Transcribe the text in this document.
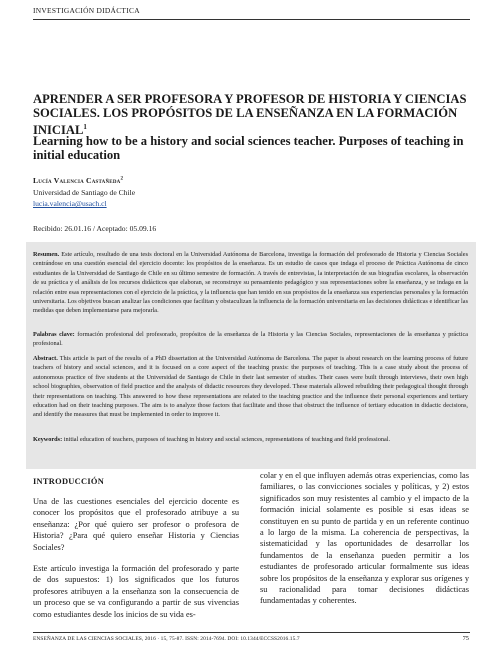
INVESTIGACIÓN DIDÁCTICA
APRENDER A SER PROFESORA Y PROFESOR DE HISTORIA Y CIENCIAS SOCIALES. LOS PROPÓSITOS DE LA ENSEÑANZA EN LA FORMACIÓN INICIAL$^1$
Learning how to be a history and social sciences teacher. Purposes of teaching in initial education
Lucía Valencia Castañeda$^2$
Universidad de Santiago de Chile
lucia.valencia@usach.cl
Recibido: 26.01.16 / Aceptado: 05.09.16
Resumen. Este artículo, resultado de una tesis doctoral en la Universidad Autónoma de Barcelona, investiga la formación del profesorado de Historia y Ciencias Sociales centrándose en una cuestión esencial del ejercicio docente: los propósitos de la enseñanza. Es un estudio de casos que indaga el proceso de Práctica Autónoma de cinco estudiantes de la Universidad de Santiago de Chile en su último semestre de formación. A través de entrevistas, la interpretación de sus biografías escolares, la observación de su práctica y el análisis de los recursos didácticos que elaboran, se reconstruye su pensamiento pedagógico y sus representaciones sobre la enseñanza, y se indaga en la relación entre esas representaciones con el ejercicio de la práctica, y la influencia que han tenido en sus propósitos de la enseñanza sus experiencias personales y la formación universitaria. Los objetivos buscan analizar las condiciones que facilitan y obstaculizan la influencia de la formación universitaria en las decisiones didácticas e identificar las medidas que deben implementarse para mejorarla.
Palabras clave: formación profesional del profesorado, propósitos de la enseñanza de la Historia y las Ciencias Sociales, representaciones de la enseñanza y práctica profesional.
Abstract. This article is part of the results of a PhD dissertation at the Universidad Autónoma de Barcelona. The paper is about research on the learning process of future teachers of history and social sciences, and it is focused on a core aspect of the teaching praxis: the purposes of teaching. This is a case study about the process of autonomous practice of five students at the Universidad de Santiago de Chile in their last semester of studies. Their cases were built through interviews, their own high school biographies, observation of field practice and the analysis of didactic resources they developed. These materials allowed rebuilding their pedagogical thought through their representations on teaching. This answered to how these representations are related to the teaching practice and the influence their personal experiences and tertiary education had on their teaching purposes. The aim is to analyze those factors that facilitate and those that obstruct the influence of tertiary education in didactic decisions, and identify the measures that must be implemented in order to improve it.
Keywords: initial education of teachers, purposes of teaching in history and social sciences, representations of teaching and field professional.
INTRODUCCIÓN

Una de las cuestiones esenciales del ejercicio docente es conocer los propósitos que el profesorado atribuye a su enseñanza: ¿Por qué quiero ser profesor o profesora de Historia? ¿Para qué quiero enseñar Historia y Ciencias Sociales?

Este artículo investiga la formación del profesorado y parte de dos supuestos: 1) los significados que los futuros profesores atribuyen a la enseñanza son la consecuencia de un proceso que se va configurando a partir de sus vivencias como estudiantes desde los inicios de su vida es-

colar y en el que influyen además otras experiencias, como las familiares, o las convicciones sociales y políticas, y 2) estos significados son muy resistentes al cambio y el impacto de la formación inicial solamente es posible si esas ideas se constituyen en su punto de partida y en un referente continuo a lo largo de la misma. La coherencia de perspectivas, la sistematicidad y las oportunidades de desarrollar los fundamentos de la enseñanza pueden permitir a los estudiantes de profesorado articular formalmente sus ideas sobre los propósitos de la enseñanza y explorar sus orígenes y su racionalidad para tomar decisiones didácticas fundamentadas y coherentes.

ENSEÑANZA DE LAS CIENCIAS SOCIALES, 2016 · 15, 75-87. ISSN: 2014-7694. DOI: 10.1344/ECCSS2016.15.7	75
